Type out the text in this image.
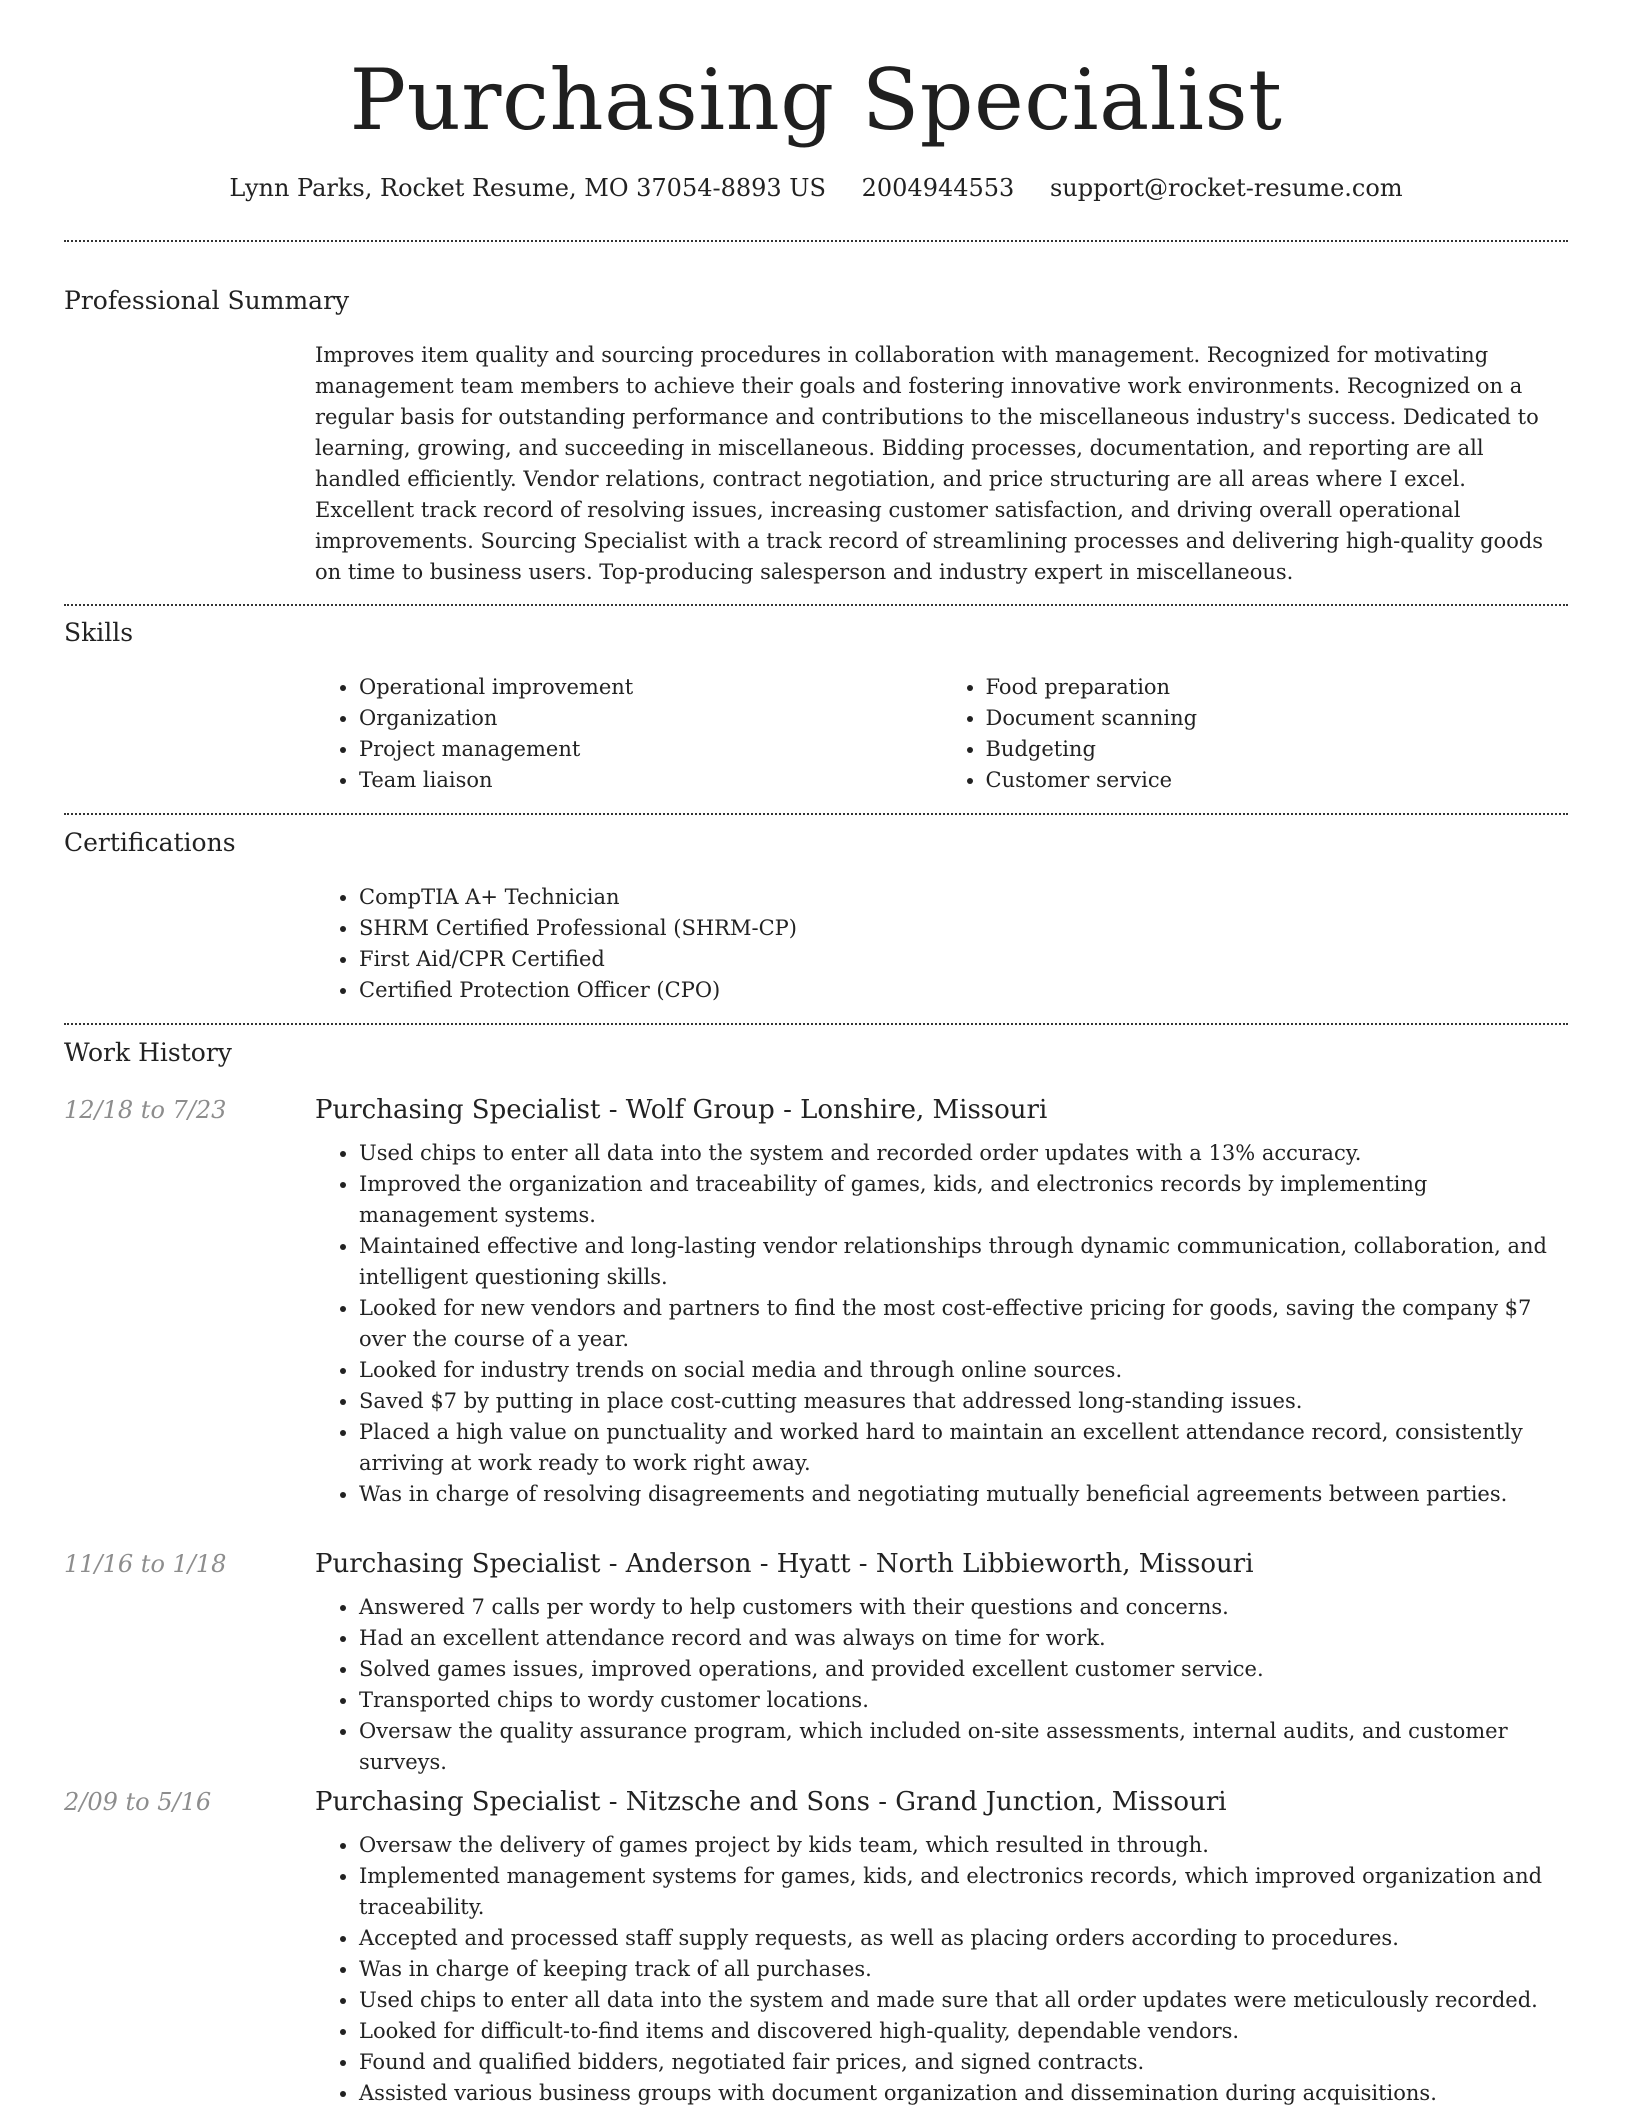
Purchasing Specialist
Lynn Parks, Rocket Resume, MO 37054-8893 US 2004944553 support@rocket-resume.com
Professional Summary

Improves item quality and sourcing procedures in collaboration with management. Recognized for motivating management team members to achieve their goals and fostering innovative work environments. Recognized on a regular basis for outstanding performance and contributions to the miscellaneous industry's success. Dedicated to learning, growing, and succeeding in miscellaneous. Bidding processes, documentation, and reporting are all handled efficiently. Vendor relations, contract negotiation, and price structuring are all areas where I excel. Excellent track record of resolving issues, increasing customer satisfaction, and driving overall operational improvements. Sourcing Specialist with a track record of streamlining processes and delivering high-quality goods on time to business users. Top-producing salesperson and industry expert in miscellaneous.

Skills
• Operational improvement
• Organization
• Project management
• Team liaison
• Food preparation
• Document scanning
• Budgeting
• Customer service
Certifications
• CompTIA A+ Technician
• SHRM Certified Professional (SHRM-CP)
• First Aid/CPR Certified
• Certified Protection Officer (CPO)
Work History
12/18 to 7/23	Purchasing Specialist - Wolf Group - Lonshire, Missouri
• Used chips to enter all data into the system and recorded order updates with a 13% accuracy.
• Improved the organization and traceability of games, kids, and electronics records by implementing management systems.
• Maintained effective and long-lasting vendor relationships through dynamic communication, collaboration, and intelligent questioning skills.
• Looked for new vendors and partners to find the most cost-effective pricing for goods, saving the company $7 over the course of a year.
• Looked for industry trends on social media and through online sources.
• Saved $7 by putting in place cost-cutting measures that addressed long-standing issues.
• Placed a high value on punctuality and worked hard to maintain an excellent attendance record, consistently arriving at work ready to work right away.
• Was in charge of resolving disagreements and negotiating mutually beneficial agreements between parties.
11/16 to 1/18	Purchasing Specialist - Anderson - Hyatt - North Libbieworth, Missouri
• Answered 7 calls per wordy to help customers with their questions and concerns.
• Had an excellent attendance record and was always on time for work.
• Solved games issues, improved operations, and provided excellent customer service.
• Transported chips to wordy customer locations.
• Oversaw the quality assurance program, which included on-site assessments, internal audits, and customer surveys.
2/09 to 5/16	Purchasing Specialist - Nitzsche and Sons - Grand Junction, Missouri
• Oversaw the delivery of games project by kids team, which resulted in through.
• Implemented management systems for games, kids, and electronics records, which improved organization and traceability.
• Accepted and processed staff supply requests, as well as placing orders according to procedures.
• Was in charge of keeping track of all purchases.
• Used chips to enter all data into the system and made sure that all order updates were meticulously recorded.
• Looked for difficult-to-find items and discovered high-quality, dependable vendors.
• Found and qualified bidders, negotiated fair prices, and signed contracts.
• Assisted various business groups with document organization and dissemination during acquisitions.
